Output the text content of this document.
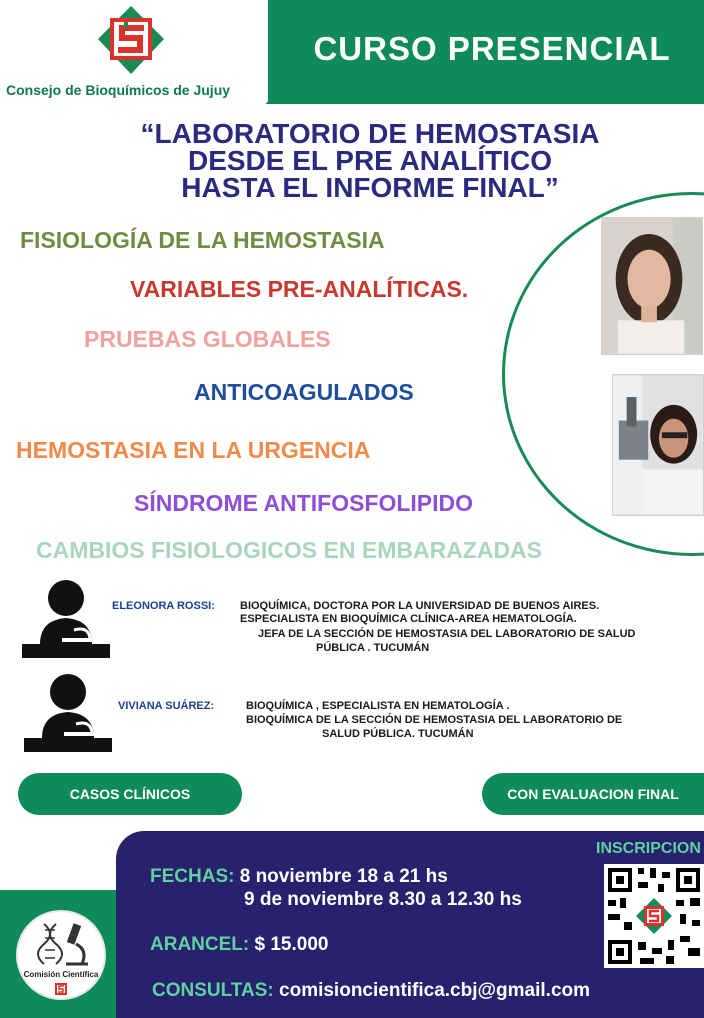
Consejo de Bioquímicos de Jujuy
CURSO PRESENCIAL
“LABORATORIO DE HEMOSTASIA
DESDE EL PRE ANALÍTICO
HASTA EL INFORME FINAL”
FISIOLOGÍA DE LA HEMOSTASIA
VARIABLES PRE-ANALÍTICAS.
PRUEBAS GLOBALES
ANTICOAGULADOS
HEMOSTASIA EN LA URGENCIA
SÍNDROME ANTIFOSFOLIPIDO
CAMBIOS FISIOLOGICOS EN EMBARAZADAS
ELEONORA ROSSI: BIOQUÍMICA, DOCTORA POR LA UNIVERSIDAD DE BUENOS AIRES.
ESPECIALISTA EN BIOQUÍMICA CLÍNICA-AREA HEMATOLOGÍA.
JEFA DE LA SECCIÓN DE HEMOSTASIA DEL LABORATORIO DE SALUD
PÚBLICA . TUCUMÁN
VIVIANA SUÁREZ:	BIOQUÍMICA , ESPECIALISTA EN HEMATOLOGÍA .
BIOQUÍMICA DE LA SECCIÓN DE HEMOSTASIA DEL LABORATORIO DE
SALUD PÚBLICA. TUCUMÁN
CASOS CLÍNICOS	CON EVALUACION FINAL
Comisión Científica
FECHAS: 8 noviembre 18 a 21 hs
9 de noviembre 8.30 a 12.30 hs
ARANCEL: $ 15.000
CONSULTAS: comisioncientifica.cbj@gmail.com
INSCRIPCION
